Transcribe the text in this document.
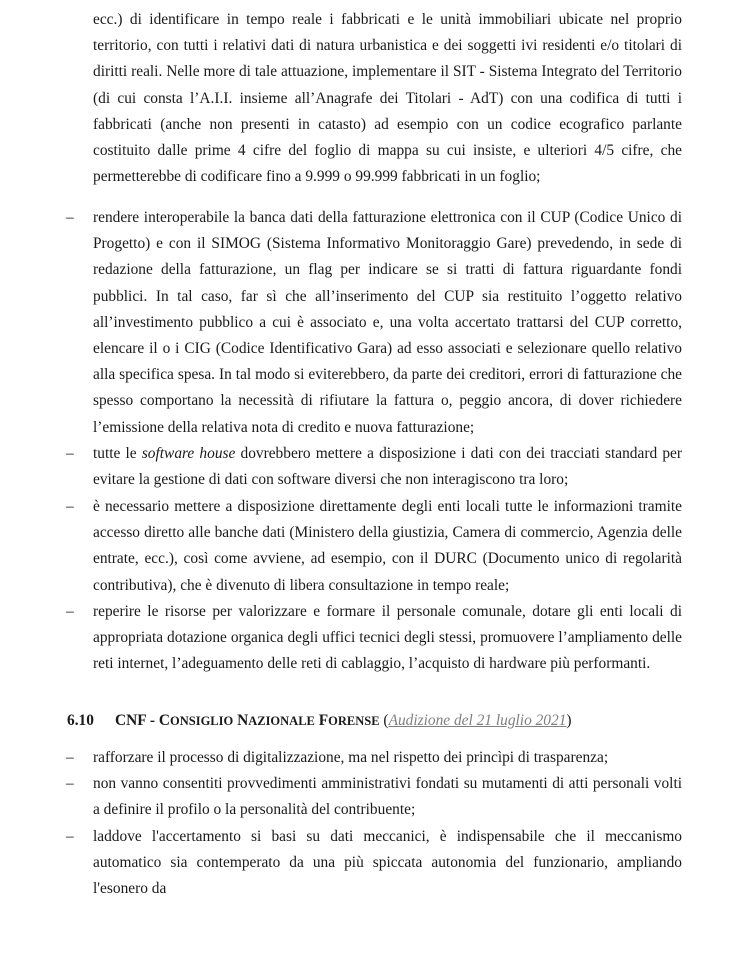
ecc.) di identificare in tempo reale i fabbricati e le unità immobiliari ubicate nel proprio territorio, con tutti i relativi dati di natura urbanistica e dei soggetti ivi residenti e/o titolari di diritti reali. Nelle more di tale attuazione, implementare il SIT - Sistema Integrato del Territorio (di cui consta l’A.I.I. insieme all’Anagrafe dei Titolari - AdT) con una codifica di tutti i fabbricati (anche non presenti in catasto) ad esempio con un codice ecografico parlante costituito dalle prime 4 cifre del foglio di mappa su cui insiste, e ulteriori 4/5 cifre, che permetterebbe di codificare fino a 9.999 o 99.999 fabbricati in un foglio;
– rendere interoperabile la banca dati della fatturazione elettronica con il CUP (Codice Unico di Progetto) e con il SIMOG (Sistema Informativo Monitoraggio Gare) prevedendo, in sede di redazione della fatturazione, un flag per indicare se si tratti di fattura riguardante fondi pubblici. In tal caso, far sì che all’inserimento del CUP sia restituito l’oggetto relativo all’investimento pubblico a cui è associato e, una volta accertato trattarsi del CUP corretto, elencare il o i CIG (Codice Identificativo Gara) ad esso associati e selezionare quello relativo alla specifica spesa. In tal modo si eviterebbero, da parte dei creditori, errori di fatturazione che spesso comportano la necessità di rifiutare la fattura o, peggio ancora, di dover richiedere l’emissione della relativa nota di credito e nuova fatturazione;
– tutte le software house dovrebbero mettere a disposizione i dati con dei tracciati standard per evitare la gestione di dati con software diversi che non interagiscono tra loro;
– è necessario mettere a disposizione direttamente degli enti locali tutte le informazioni tramite accesso diretto alle banche dati (Ministero della giustizia, Camera di commercio, Agenzia delle entrate, ecc.), così come avviene, ad esempio, con il DURC (Documento unico di regolarità contributiva), che è divenuto di libera consultazione in tempo reale;
– reperire le risorse per valorizzare e formare il personale comunale, dotare gli enti locali di appropriata dotazione organica degli uffici tecnici degli stessi, promuovere l’ampliamento delle reti internet, l’adeguamento delle reti di cablaggio, l’acquisto di hardware più performanti.
6.10 CNF - CONSIGLIO NAZIONALE FORENSE (Audizione del 21 luglio 2021)
– rafforzare il processo di digitalizzazione, ma nel rispetto dei princìpi di trasparenza;
– non vanno consentiti provvedimenti amministrativi fondati su mutamenti di atti personali volti a definire il profilo o la personalità del contribuente;
– laddove l'accertamento si basi su dati meccanici, è indispensabile che il meccanismo automatico sia contemperato da una più spiccata autonomia del funzionario, ampliando l'esonero da
